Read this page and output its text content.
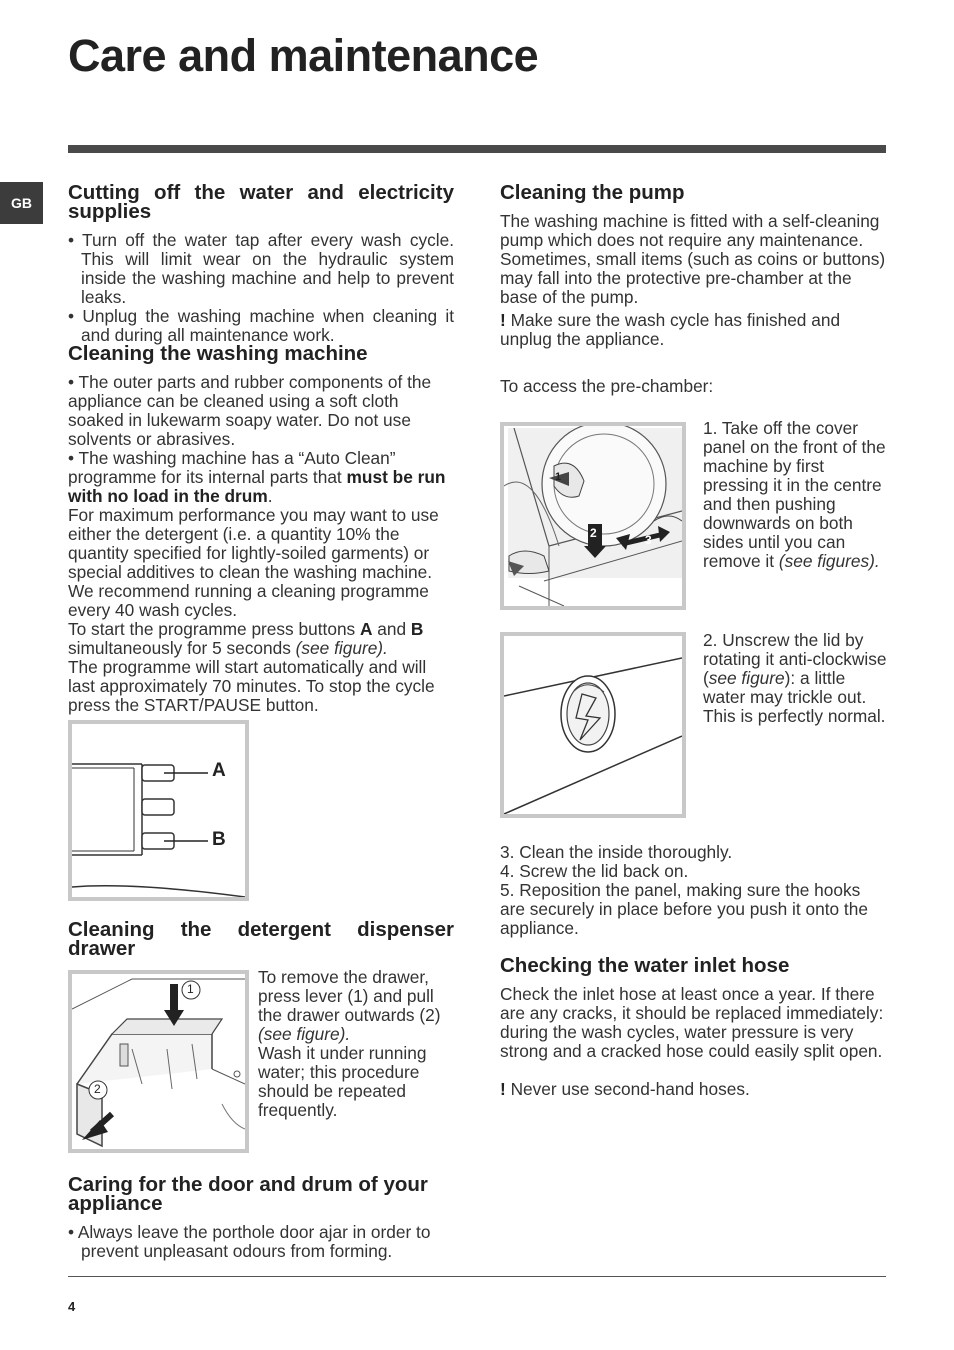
Care and maintenance
GB	Cutting off the water and electricity supplies

• Turn off the water tap after every wash cycle. This will limit wear on the hydraulic system inside the washing machine and help to prevent leaks.

• Unplug the washing machine when cleaning it and during all maintenance work.

Cleaning the washing machine

• The outer parts and rubber components of the appliance can be cleaned using a soft cloth soaked in lukewarm soapy water. Do not use solvents or abrasives.

• The washing machine has a “Auto Clean” programme for its internal parts that must be run with no load in the drum.

For maximum performance you may want to use either the detergent (i.e. a quantity 10% the quantity specified for lightly-soiled garments) or special additives to clean the washing machine. We recommend running a cleaning programme every 40 wash cycles.

To start the programme press buttons A and B simultaneously for 5 seconds (see figure).

The programme will start automatically and will last approximately 70 minutes. To stop the cycle press the START/PAUSE button.

A
B
Cleaning the detergent dispenser drawer
1
2

To remove the drawer, press lever (1) and pull the drawer outwards (2) (see figure).

Wash it under running water; this procedure should be repeated frequently.

Caring for the door and drum of your appliance

• Always leave the porthole door ajar in order to prevent unpleasant odours from forming.

Cleaning the pump

The washing machine is fitted with a self-cleaning pump which does not require any maintenance. Sometimes, small items (such as coins or buttons) may fall into the protective pre-chamber at the base of the pump.

! Make sure the wash cycle has finished and unplug the appliance.

To access the pre-chamber:

1
2	3

1. Take off the cover panel on the front of the machine by first pressing it in the centre and then pushing downwards on both sides until you can remove it (see figures).

2. Unscrew the lid by rotating it anti-clockwise (see figure): a little water may trickle out. This is perfectly normal.

3. Clean the inside thoroughly.

4. Screw the lid back on.

5. Reposition the panel, making sure the hooks are securely in place before you push it onto the appliance.

Checking the water inlet hose

Check the inlet hose at least once a year. If there are any cracks, it should be replaced immediately: during the wash cycles, water pressure is very strong and a cracked hose could easily split open.

! Never use second-hand hoses.

4
